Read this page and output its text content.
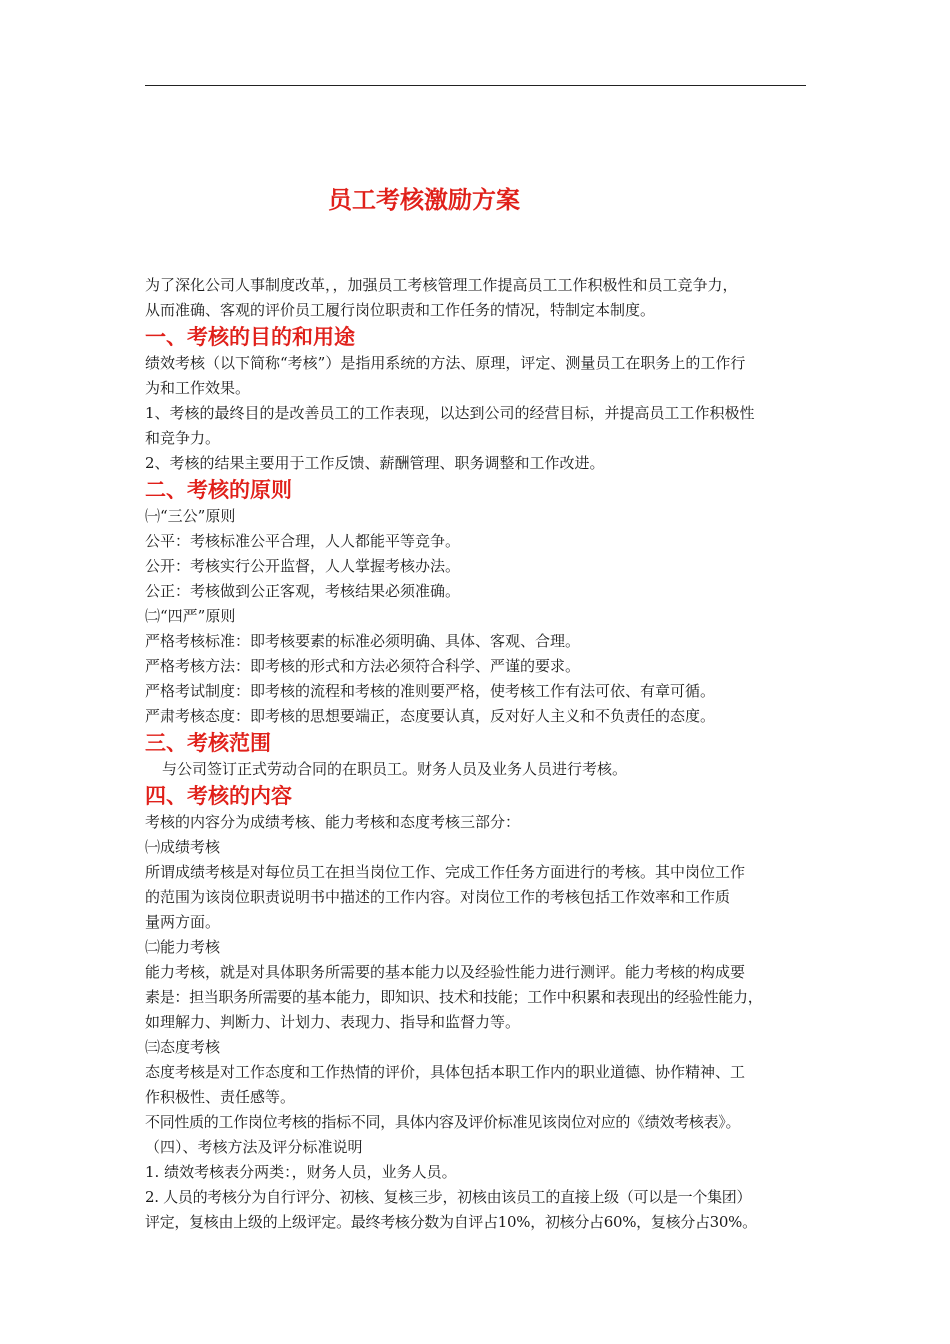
员工考核激励方案

为了深化公司人事制度改革，，加强员工考核管理工作提高员工工作积极性和员工竞争力，

从而准确、客观的评价员工履行岗位职责和工作任务的情况，特制定本制度。

一、考核的目的和用途

绩效考核（以下简称“考核”）是指用系统的方法、原理，评定、测量员工在职务上的工作行

为和工作效果。

1、考核的最终目的是改善员工的工作表现，以达到公司的经营目标，并提高员工工作积极性

和竞争力。

2、考核的结果主要用于工作反馈、薪酬管理、职务调整和工作改进。

二、考核的原则

㈠“三公”原则

公平：考核标准公平合理，人人都能平等竞争。

公开：考核实行公开监督，人人掌握考核办法。

公正：考核做到公正客观，考核结果必须准确。

㈡“四严”原则

严格考核标准：即考核要素的标准必须明确、具体、客观、合理。

严格考核方法：即考核的形式和方法必须符合科学、严谨的要求。

严格考试制度：即考核的流程和考核的准则要严格，使考核工作有法可依、有章可循。

严肃考核态度：即考核的思想要端正，态度要认真，反对好人主义和不负责任的态度。

三、考核范围

与公司签订正式劳动合同的在职员工。财务人员及业务人员进行考核。

四、考核的内容

考核的内容分为成绩考核、能力考核和态度考核三部分：

㈠成绩考核

所谓成绩考核是对每位员工在担当岗位工作、完成工作任务方面进行的考核。其中岗位工作

的范围为该岗位职责说明书中描述的工作内容。对岗位工作的考核包括工作效率和工作质

量两方面。

㈡能力考核

能力考核，就是对具体职务所需要的基本能力以及经验性能力进行测评。能力考核的构成要

素是：担当职务所需要的基本能力，即知识、技术和技能；工作中积累和表现出的经验性能力，

如理解力、判断力、计划力、表现力、指导和监督力等。

㈢态度考核

态度考核是对工作态度和工作热情的评价，具体包括本职工作内的职业道德、协作精神、工

作积极性、责任感等。

不同性质的工作岗位考核的指标不同，具体内容及评价标准见该岗位对应的《绩效考核表》。

（四）、考核方法及评分标准说明

1. 绩效考核表分两类：，财务人员，业务人员。

2. 人员的考核分为自行评分、初核、复核三步，初核由该员工的直接上级（可以是一个集团）

评定，复核由上级的上级评定。最终考核分数为自评占10%，初核分占60%，复核分占30%。
